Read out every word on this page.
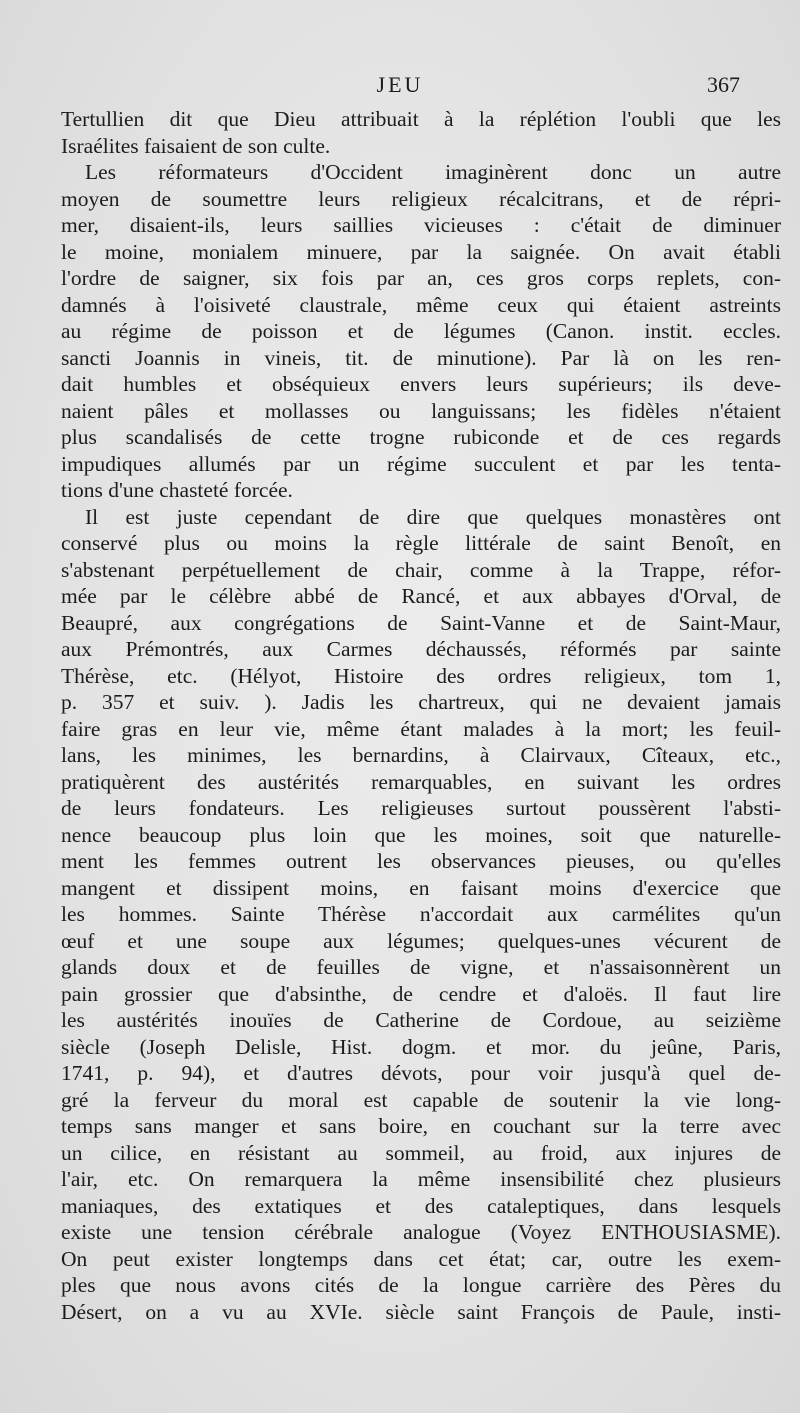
JEU	367
Tertullien dit que Dieu attribuait à la réplétion l'oubli que les
Israélites faisaient de son culte.
Les réformateurs d'Occident imaginèrent donc un autre
moyen de soumettre leurs religieux récalcitrans, et de répri-
mer, disaient-ils, leurs saillies vicieuses : c'était de diminuer
le moine, monialem minuere, par la saignée. On avait établi
l'ordre de saigner, six fois par an, ces gros corps replets, con-
damnés à l'oisiveté claustrale, même ceux qui étaient astreints
au régime de poisson et de légumes (Canon. instit. eccles.
sancti Joannis in vineis, tit. de minutione). Par là on les ren-
dait humbles et obséquieux envers leurs supérieurs; ils deve-
naient pâles et mollasses ou languissans; les fidèles n'étaient
plus scandalisés de cette trogne rubiconde et de ces regards
impudiques allumés par un régime succulent et par les tenta-
tions d'une chasteté forcée.
Il est juste cependant de dire que quelques monastères ont
conservé plus ou moins la règle littérale de saint Benoît, en
s'abstenant perpétuellement de chair, comme à la Trappe, réfor-
mée par le célèbre abbé de Rancé, et aux abbayes d'Orval, de
Beaupré, aux congrégations de Saint-Vanne et de Saint-Maur,
aux Prémontrés, aux Carmes déchaussés, réformés par sainte
Thérèse, etc. (Hélyot, Histoire des ordres religieux, tom 1,
p. 357 et suiv. ). Jadis les chartreux, qui ne devaient jamais
faire gras en leur vie, même étant malades à la mort; les feuil-
lans, les minimes, les bernardins, à Clairvaux, Cîteaux, etc.,
pratiquèrent des austérités remarquables, en suivant les ordres
de leurs fondateurs. Les religieuses surtout poussèrent l'absti-
nence beaucoup plus loin que les moines, soit que naturelle-
ment les femmes outrent les observances pieuses, ou qu'elles
mangent et dissipent moins, en faisant moins d'exercice que
les hommes. Sainte Thérèse n'accordait aux carmélites qu'un
œuf et une soupe aux légumes; quelques-unes vécurent de
glands doux et de feuilles de vigne, et n'assaisonnèrent un
pain grossier que d'absinthe, de cendre et d'aloës. Il faut lire
les austérités inouïes de Catherine de Cordoue, au seizième
siècle (Joseph Delisle, Hist. dogm. et mor. du jeûne, Paris,
1741, p. 94), et d'autres dévots, pour voir jusqu'à quel de-
gré la ferveur du moral est capable de soutenir la vie long-
temps sans manger et sans boire, en couchant sur la terre avec
un cilice, en résistant au sommeil, au froid, aux injures de
l'air, etc. On remarquera la même insensibilité chez plusieurs
maniaques, des extatiques et des cataleptiques, dans lesquels
existe une tension cérébrale analogue (Voyez ENTHOUSIASME).
On peut exister longtemps dans cet état; car, outre les exem-
ples que nous avons cités de la longue carrière des Pères du
Désert, on a vu au XVIe. siècle saint François de Paule, insti-
